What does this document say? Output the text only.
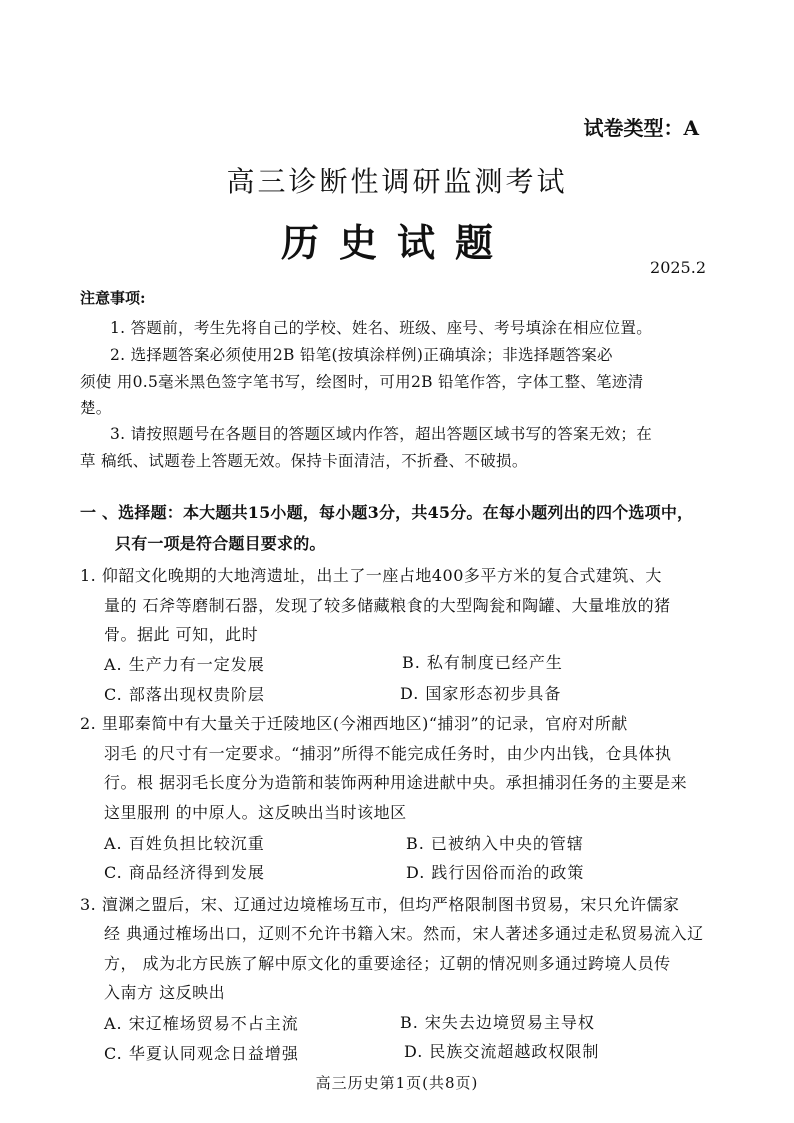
试卷类型：A
高三诊断性调研监测考试
历史试题
2025.2
注意事项:
1. 答题前，考生先将自己的学校、姓名、班级、座号、考号填涂在相应位置。
2. 选择题答案必须使用2B 铅笔(按填涂样例)正确填涂；非选择题答案必
须使 用0.5毫米黑色签字笔书写，绘图时，可用2B 铅笔作答，字体工整、笔迹清
楚。
3. 请按照题号在各题目的答题区域内作答，超出答题区域书写的答案无效；在
草 稿纸、试题卷上答题无效。保持卡面清洁，不折叠、不破损。
一 、选择题：本大题共15小题，每小题3分，共45分。在每小题列出的四个选项中，
只有一项是符合题目要求的。
1. 仰韶文化晚期的大地湾遗址，出土了一座占地400多平方米的复合式建筑、大
量的 石斧等磨制石器，发现了较多储藏粮食的大型陶瓮和陶罐、大量堆放的猪
骨。据此 可知，此时
A. 生产力有一定发展	B. 私有制度已经产生
C. 部落出现权贵阶层	D. 国家形态初步具备
2. 里耶秦简中有大量关于迁陵地区(今湘西地区)“捕羽”的记录，官府对所献
羽毛 的尺寸有一定要求。“捕羽”所得不能完成任务时，由少内出钱，仓具体执
行。根 据羽毛长度分为造箭和装饰两种用途进献中央。承担捕羽任务的主要是来
这里服刑 的中原人。这反映出当时该地区
A. 百姓负担比较沉重	B. 已被纳入中央的管辖
C. 商品经济得到发展	D. 践行因俗而治的政策
3. 澶渊之盟后，宋、辽通过边境榷场互市，但均严格限制图书贸易，宋只允许儒家
经 典通过榷场出口，辽则不允许书籍入宋。然而，宋人著述多通过走私贸易流入辽
方， 成为北方民族了解中原文化的重要途径；辽朝的情况则多通过跨境人员传
入南方 这反映出
A. 宋辽榷场贸易不占主流	B. 宋失去边境贸易主导权
C. 华夏认同观念日益增强	D. 民族交流超越政权限制
高三历史第1页(共8页)
